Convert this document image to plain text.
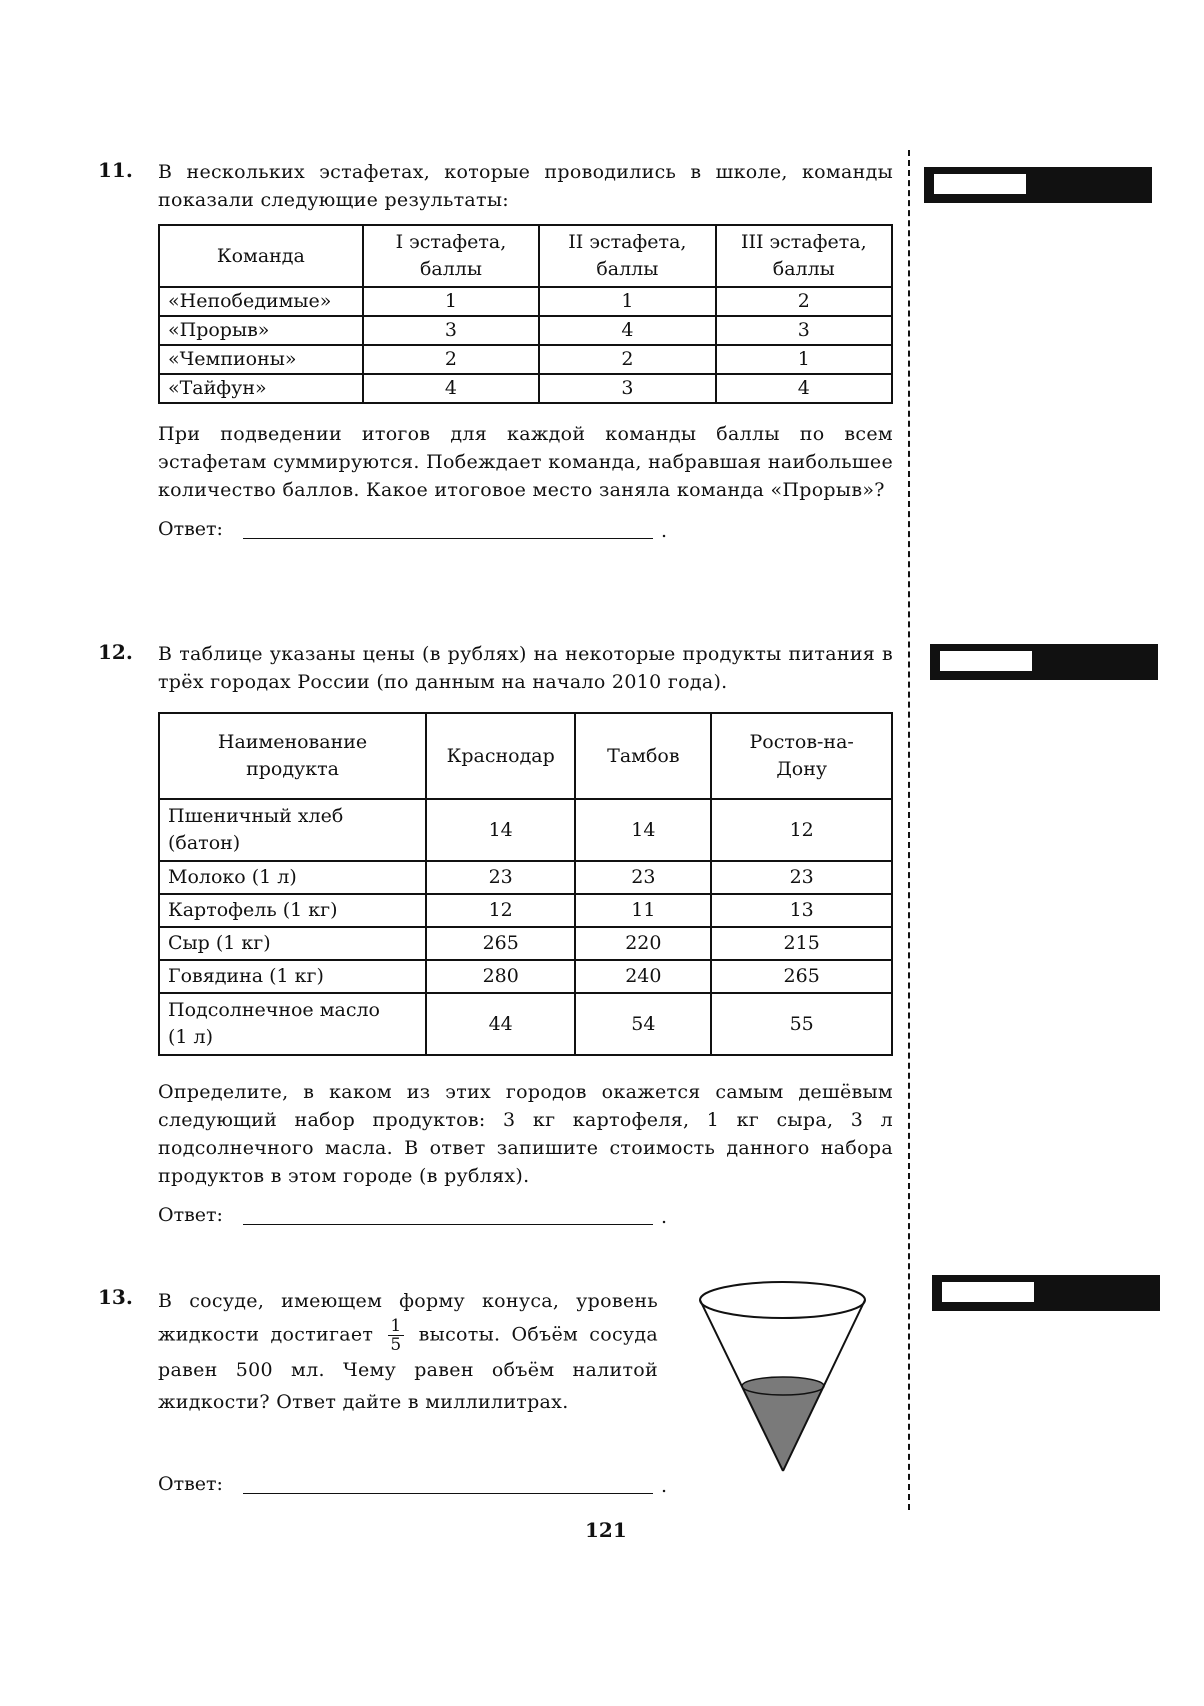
11. В нескольких эстафетах, которые проводились в школе, команды показали следующие результаты:
Команда	I эстафета, баллы	II эстафета, баллы	III эстафета, баллы
«Непобедимые»	1	1	2
«Прорыв»	3	4	3
«Чемпионы»	2	2	1
«Тайфун»	4	3	4
При подведении итогов для каждой команды баллы по всем эстафетам суммируются. Побеждает команда, набравшая наибольшее количество баллов. Какое итоговое место заняла команда «Прорыв»?
Ответ:	.
12. В таблице указаны цены (в рублях) на некоторые продукты питания в трёх городах России (по данным на начало 2010 года).
Наименование продукта	Краснодар	Тамбов	Ростов-на-Дону
Пшеничный хлеб (батон)	14	14	12
Молоко (1 л)	23	23	23
Картофель (1 кг)	12	11	13
Сыр (1 кг)	265	220	215
Говядина (1 кг)	280	240	265
Подсолнечное масло (1 л)	44	54	55
Определите, в каком из этих городов окажется самым дешёвым следующий набор продуктов: 3 кг картофеля, 1 кг сыра, 3 л подсолнечного масла. В ответ запишите стоимость данного набора продуктов в этом городе (в рублях).
Ответ:	.
13. В сосуде, имеющем форму конуса, уровень жидкости достигает $\frac{1}{5}$ высоты. Объём сосуда равен 500 мл. Чему равен объём налитой жидкости? Ответ дайте в миллилитрах.
Ответ:	.
121
